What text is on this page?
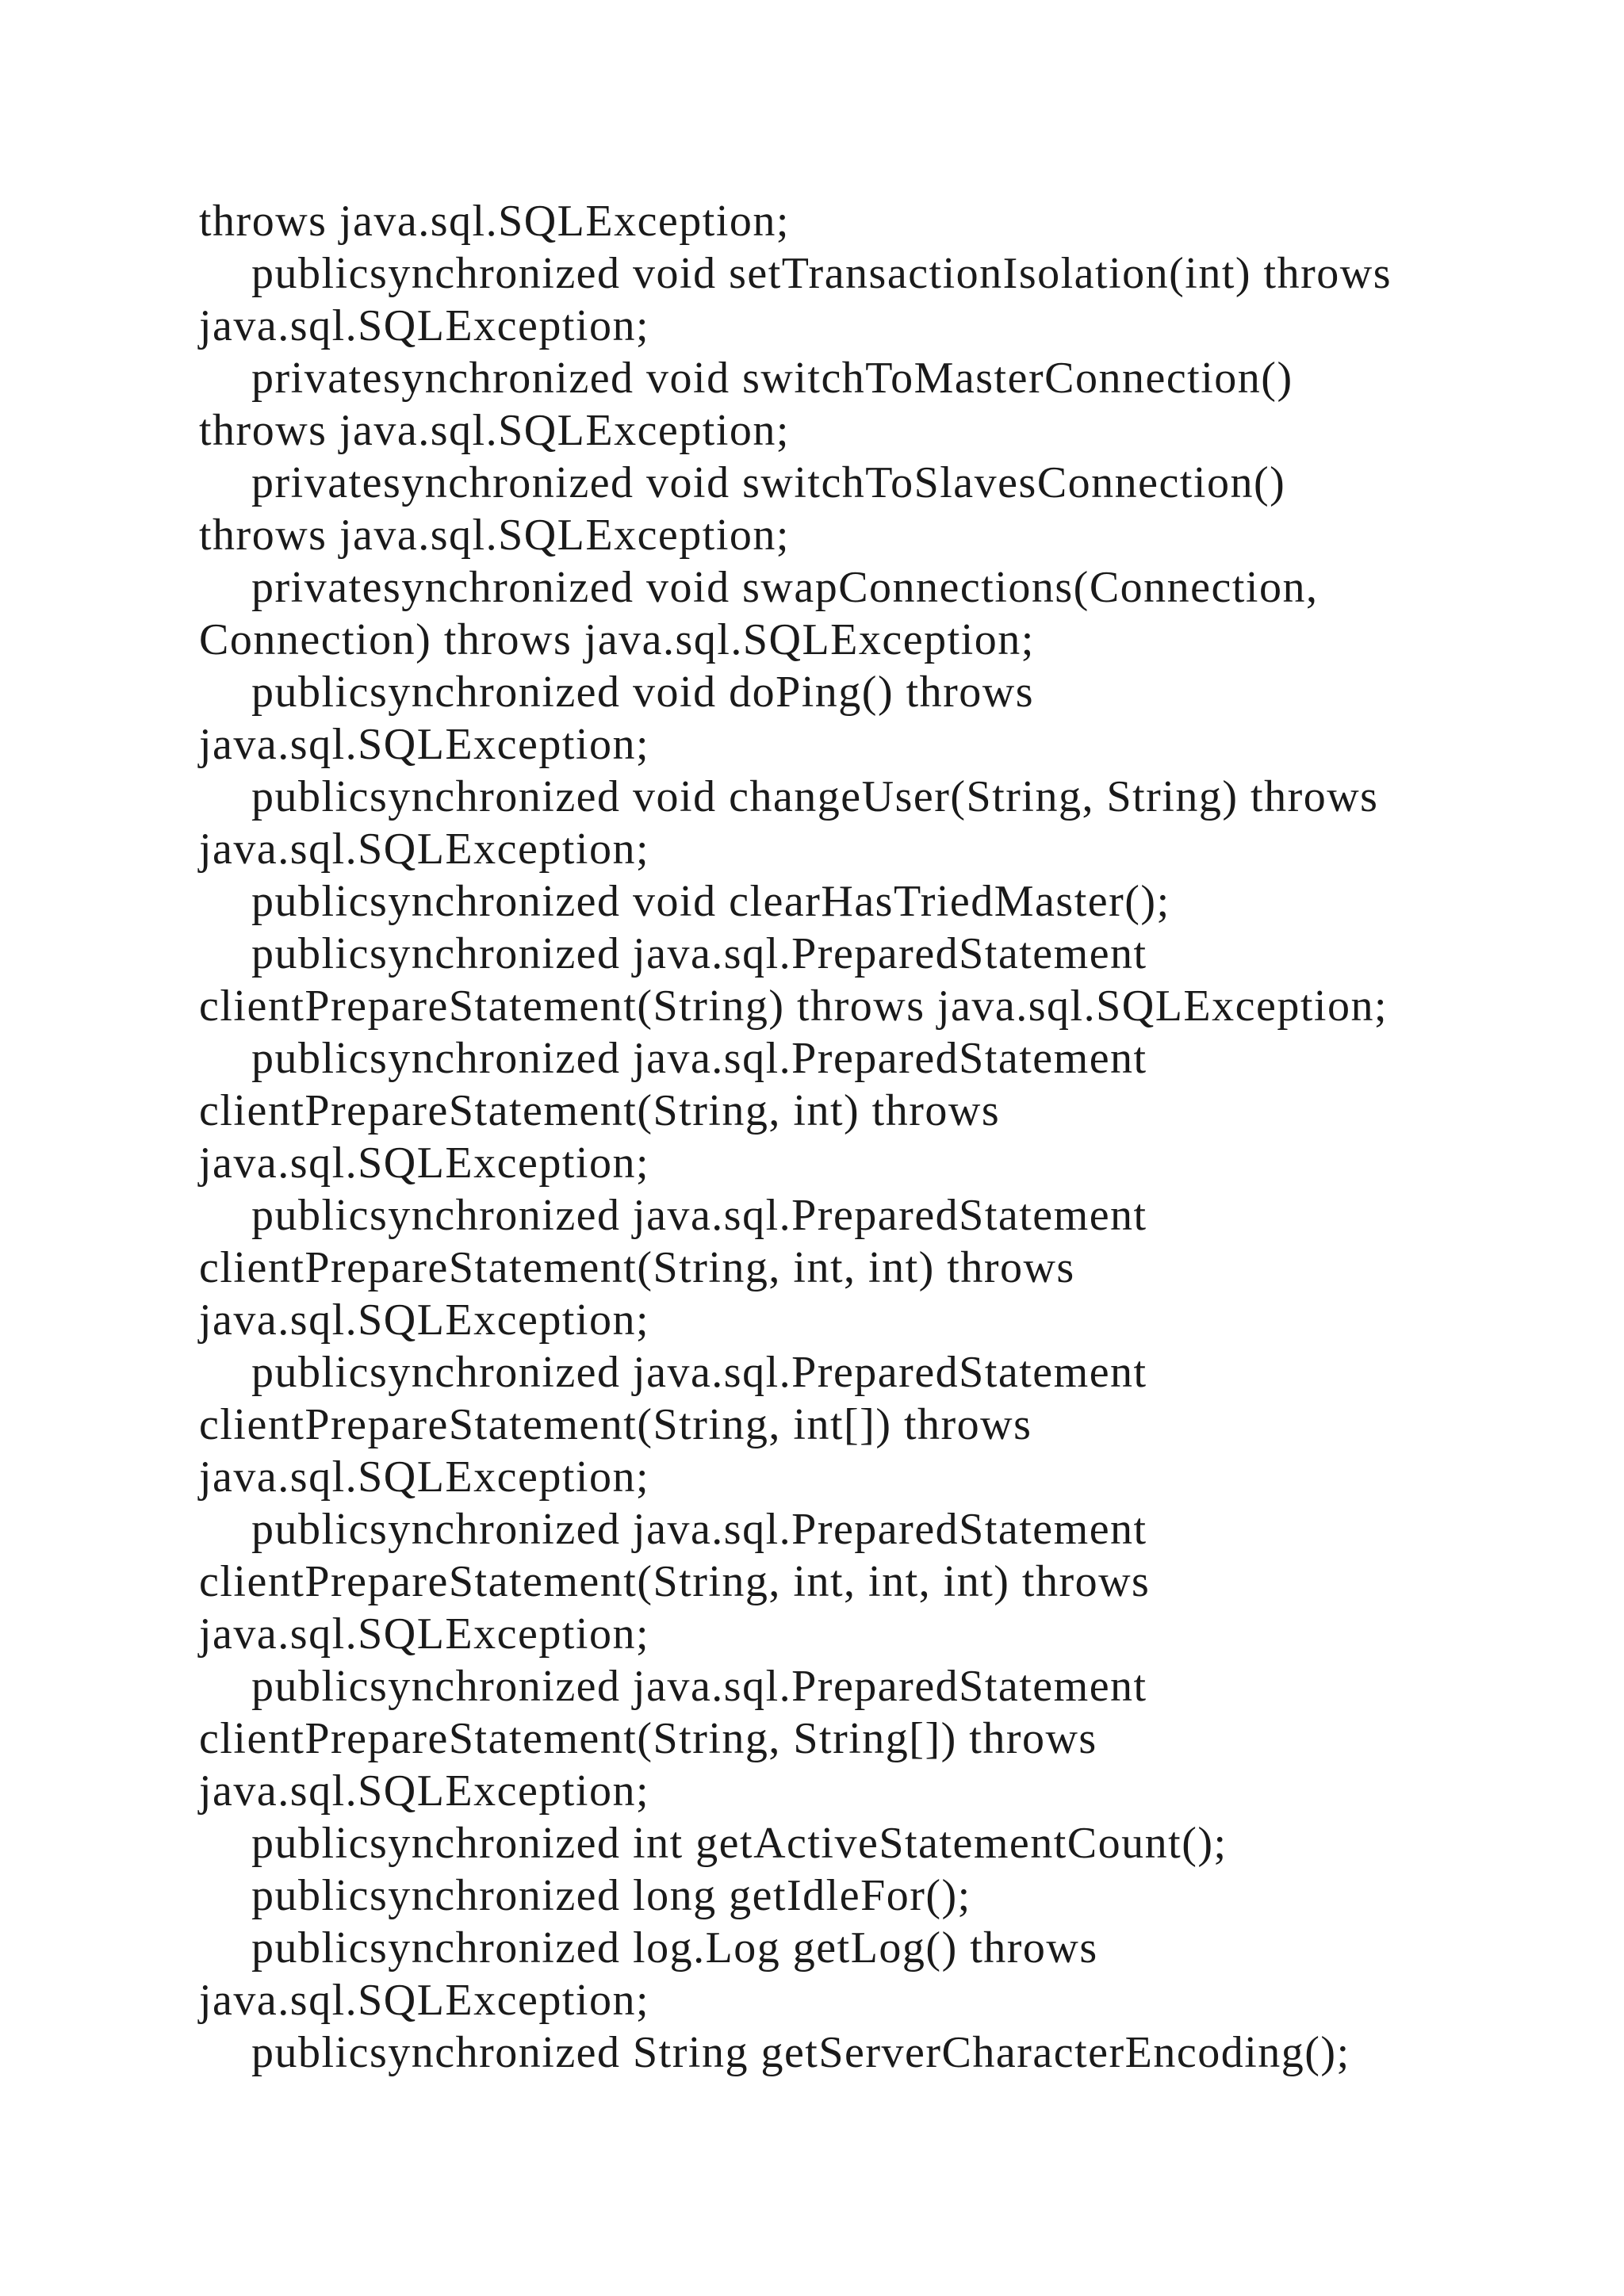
throws java.sql.SQLException;
publicsynchronized void setTransactionIsolation(int) throws
java.sql.SQLException;
privatesynchronized void switchToMasterConnection()
throws java.sql.SQLException;
privatesynchronized void switchToSlavesConnection()
throws java.sql.SQLException;
privatesynchronized void swapConnections(Connection,
Connection) throws java.sql.SQLException;
publicsynchronized void doPing() throws
java.sql.SQLException;
publicsynchronized void changeUser(String, String) throws
java.sql.SQLException;
publicsynchronized void clearHasTriedMaster();
publicsynchronized java.sql.PreparedStatement
clientPrepareStatement(String) throws java.sql.SQLException;
publicsynchronized java.sql.PreparedStatement
clientPrepareStatement(String, int) throws
java.sql.SQLException;
publicsynchronized java.sql.PreparedStatement
clientPrepareStatement(String, int, int) throws
java.sql.SQLException;
publicsynchronized java.sql.PreparedStatement
clientPrepareStatement(String, int[]) throws
java.sql.SQLException;
publicsynchronized java.sql.PreparedStatement
clientPrepareStatement(String, int, int, int) throws
java.sql.SQLException;
publicsynchronized java.sql.PreparedStatement
clientPrepareStatement(String, String[]) throws
java.sql.SQLException;
publicsynchronized int getActiveStatementCount();
publicsynchronized long getIdleFor();
publicsynchronized log.Log getLog() throws
java.sql.SQLException;
publicsynchronized String getServerCharacterEncoding();
